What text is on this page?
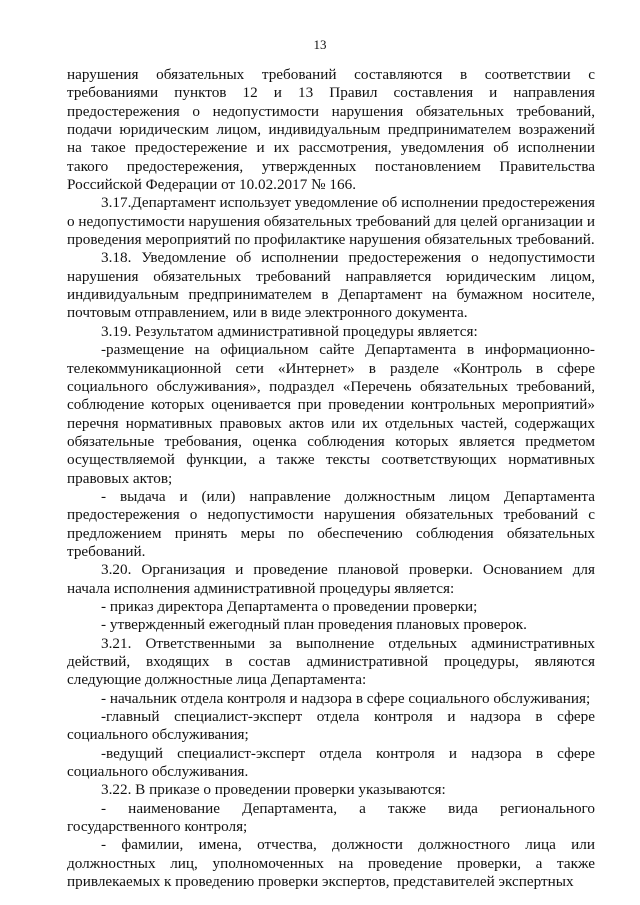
13

нарушения обязательных требований составляются в соответствии с требованиями пунктов 12 и 13 Правил составления и направления предостережения о недопустимости нарушения обязательных требований, подачи юридическим лицом, индивидуальным предпринимателем возражений на такое предостережение и их рассмотрения, уведомления об исполнении такого предостережения, утвержденных постановлением Правительства Российской Федерации от 10.02.2017 № 166.

3.17.Департамент использует уведомление об исполнении предостережения о недопустимости нарушения обязательных требований для целей организации и проведения мероприятий по профилактике нарушения обязательных требований.

3.18. Уведомление об исполнении предостережения о недопустимости нарушения обязательных требований направляется юридическим лицом, индивидуальным предпринимателем в Департамент на бумажном носителе, почтовым отправлением, или в виде электронного документа.

3.19. Результатом административной процедуры является:

-размещение на официальном сайте Департамента в информационно-телекоммуникационной сети «Интернет» в разделе «Контроль в сфере социального обслуживания», подраздел «Перечень обязательных требований, соблюдение которых оценивается при проведении контрольных мероприятий» перечня нормативных правовых актов или их отдельных частей, содержащих обязательные требования, оценка соблюдения которых является предметом осуществляемой функции, а также тексты соответствующих нормативных правовых актов;

- выдача и (или) направление должностным лицом Департамента предостережения о недопустимости нарушения обязательных требований с предложением принять меры по обеспечению соблюдения обязательных требований.

3.20. Организация и проведение плановой проверки. Основанием для начала исполнения административной процедуры является:

- приказ директора Департамента о проведении проверки;

- утвержденный ежегодный план проведения плановых проверок.

3.21. Ответственными за выполнение отдельных административных действий, входящих в состав административной процедуры, являются следующие должностные лица Департамента:

- начальник отдела контроля и надзора в сфере социального обслуживания;

-главный специалист-эксперт отдела контроля и надзора в сфере социального обслуживания;

-ведущий специалист-эксперт отдела контроля и надзора в сфере социального обслуживания.

3.22. В приказе о проведении проверки указываются:

- наименование Департамента, а также вида регионального государственного контроля;

- фамилии, имена, отчества, должности должностного лица или должностных лиц, уполномоченных на проведение проверки, а также привлекаемых к проведению проверки экспертов, представителей экспертных
